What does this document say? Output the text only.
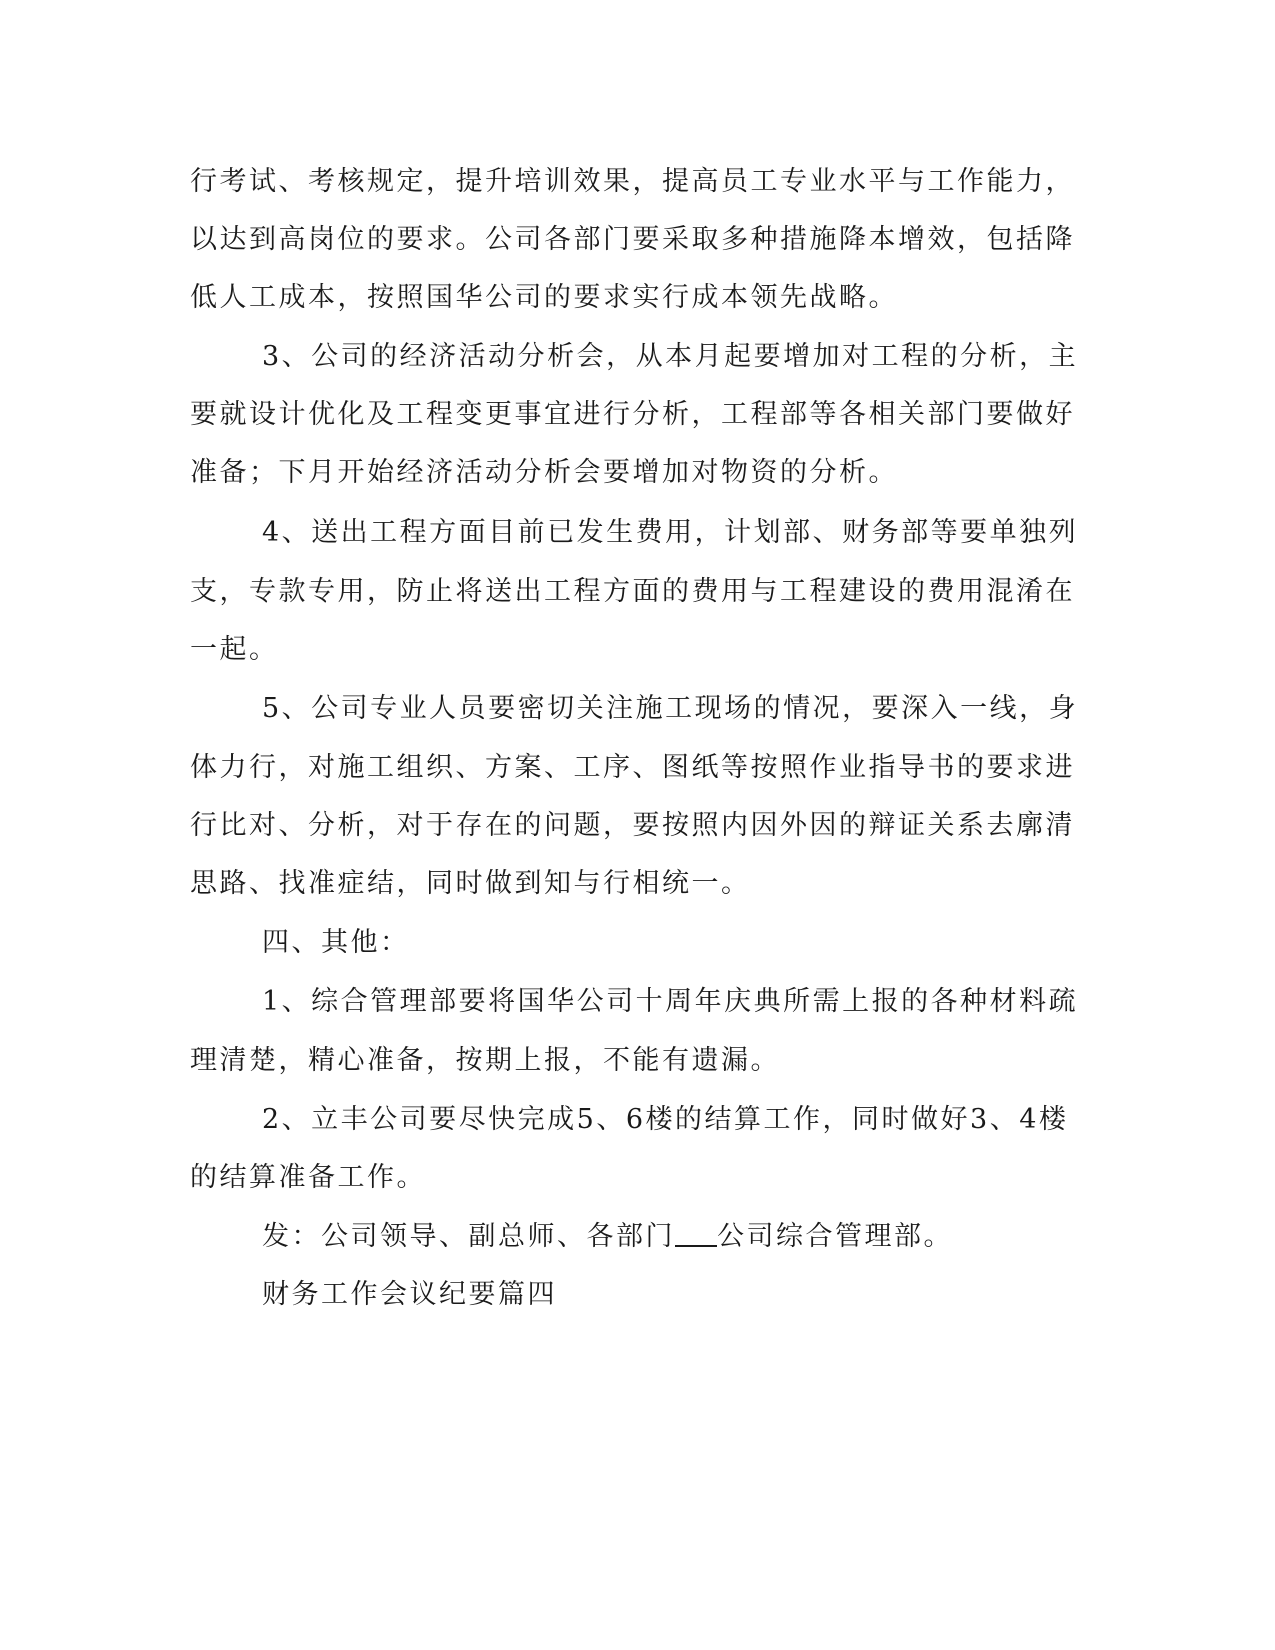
行考试、考核规定，提升培训效果，提高员工专业水平与工作能力，
以达到高岗位的要求。公司各部门要采取多种措施降本增效，包括降
低人工成本，按照国华公司的要求实行成本领先战略。
3、公司的经济活动分析会，从本月起要增加对工程的分析，主
要就设计优化及工程变更事宜进行分析，工程部等各相关部门要做好
准备；下月开始经济活动分析会要增加对物资的分析。
4、送出工程方面目前已发生费用，计划部、财务部等要单独列
支，专款专用，防止将送出工程方面的费用与工程建设的费用混淆在
一起。
5、公司专业人员要密切关注施工现场的情况，要深入一线，身
体力行，对施工组织、方案、工序、图纸等按照作业指导书的要求进
行比对、分析，对于存在的问题，要按照内因外因的辩证关系去廓清
思路、找准症结，同时做到知与行相统一。
四、其他：
1、综合管理部要将国华公司十周年庆典所需上报的各种材料疏
理清楚，精心准备，按期上报，不能有遗漏。
2、立丰公司要尽快完成5、6楼的结算工作，同时做好3、4楼
的结算准备工作。
发：公司领导、副总师、各部门 公司综合管理部。
财务工作会议纪要篇四
